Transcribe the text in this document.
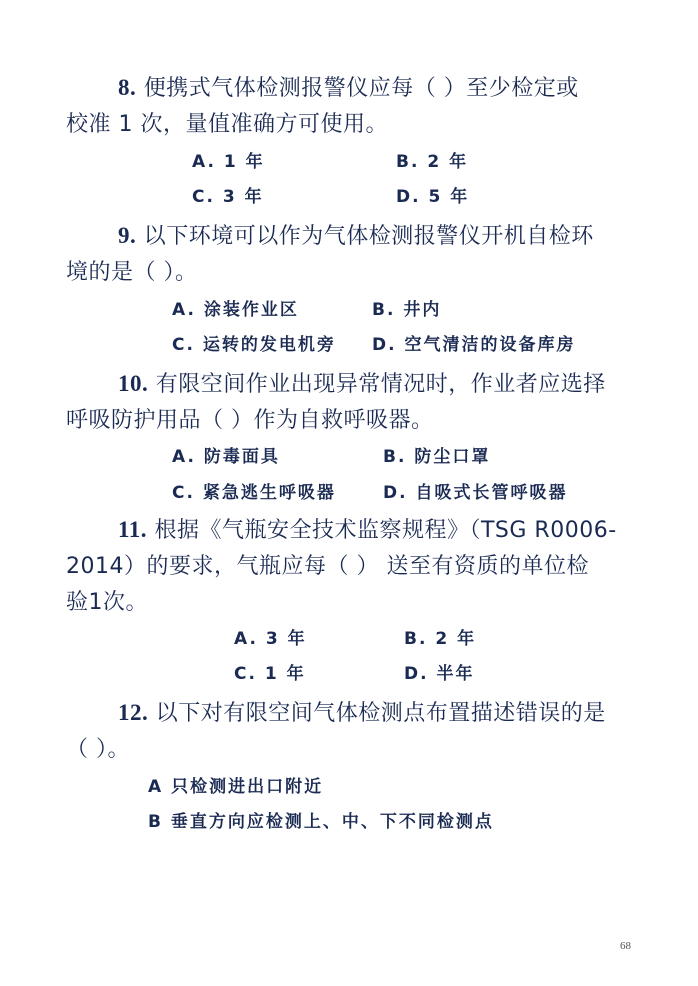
8. 便携式气体检测报警仪应每（ ）至少检定或
校准 1 次，量值准确方可使用。
A. 1 年	B. 2 年
C. 3 年	D. 5 年
9. 以下环境可以作为气体检测报警仪开机自检环
境的是（ ）。
A. 涂装作业区	B. 井内
C. 运转的发电机旁 D. 空气清洁的设备库房
10. 有限空间作业出现异常情况时，作业者应选择
呼吸防护用品（ ）作为自救呼吸器。
A. 防毒面具	B. 防尘口罩
C. 紧急逃生呼吸器	D. 自吸式长管呼吸器
11. 根据《气瓶安全技术监察规程》（TSG R0006-
2014）的要求，气瓶应每（ ） 送至有资质的单位检
验1次。
A. 3 年	B. 2 年
C. 1 年	D. 半年
12. 以下对有限空间气体检测点布置描述错误的是
（ ）。
A 只检测进出口附近
B 垂直方向应检测上、中、下不同检测点
68
